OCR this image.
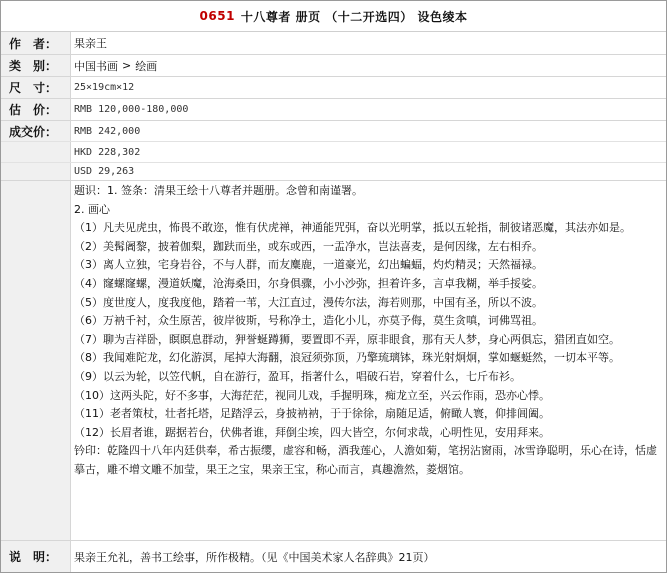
0651 十八尊者 册页 （十二开选四） 设色绫本
作　者：	果亲王
类　别：	中国书画 > 绘画
尺　寸：	25×19cm×12
估　价：	RMB 120,000-180,000
成交价：	RMB 242,000
HKD 228,302
USD 29,263

题识：1. 签条：清果王绘十八尊者并题册。念曾和南谨署。

2. 画心

（1）凡夫见虎虫，怖畏不敢迩，惟有伏虎禅，神通能咒弭，奋以光明掌，抵以五轮指，制彼诸恶魔，其法亦如是。

（2）美髯阇黎，披着伽梨，跏趺而坐，或东或西，一盂净水，岂法喜麦，是何因缘，左右相乔。

（3）离人立独，宅身岩谷，不与人群，而友麋鹿，一道豪光，幻出蝙蝠，灼灼精灵；天然福禄。

（4）窿螺窿螺，漫道妖魔，沧海桑田，尔身俱骤，小小沙弥，担着许多，言卓我糊，举手挼娑。

（5）度世度人，度我度他，踏着一苇，大江直过，漫传尔法，海若则那，中国有圣，所以不波。

（6）万衲千衬，众生原苦，彼岸彼斯，号称净土，造化小儿，亦莫予侮，莫生贪嗔，诃佛骂祖。

（7）聊为吉祥卧，瞑瞑息群动，狎誉蜒蹲狮，要置即不弄，原非眼食，那有天人梦，身心两俱忘，猎团直如空。

（8）我闻难陀龙，幻化游溟，尾掉大海翻，浪冠须弥顶，乃擎琉璃钵，珠光射炯炯，掌如蝘蜓然，一切本平等。

（9）以云为轮，以笠代帆，自在游行，盈耳，指著什么，唱破石岩，穿着什么，七斤布衫。

（10）这两头陀，好不多事，大海茫茫，视同儿戏，手握明珠，痴龙立至，兴云作雨，恐亦心悸。

（11）老者策杖，壮者托塔，足踏浮云，身披衲衲，于于徐徐，扇随足适，俯瞰人寰，仰排阊阖。

（12）长眉者谁，踞据若台，伏佛者谁，拜倒尘埃，四大皆空，尔何求哉，心明性见，安用拜来。

钤印：乾隆四十八年内廷供奉，希古振缨，虚容和畅，酒我莲心，人澹如菊，笔拐沾窗雨，冰雪诤聪明，乐心在诗，恬虚摹古，雕不增文雕不加莹，果王之宝，果亲王宝，称心而言，真趣澹然，菱烟馆。

说　明：	果亲王允礼，善书工绘事，所作极精。（见《中国美术家人名辞典》21页）
